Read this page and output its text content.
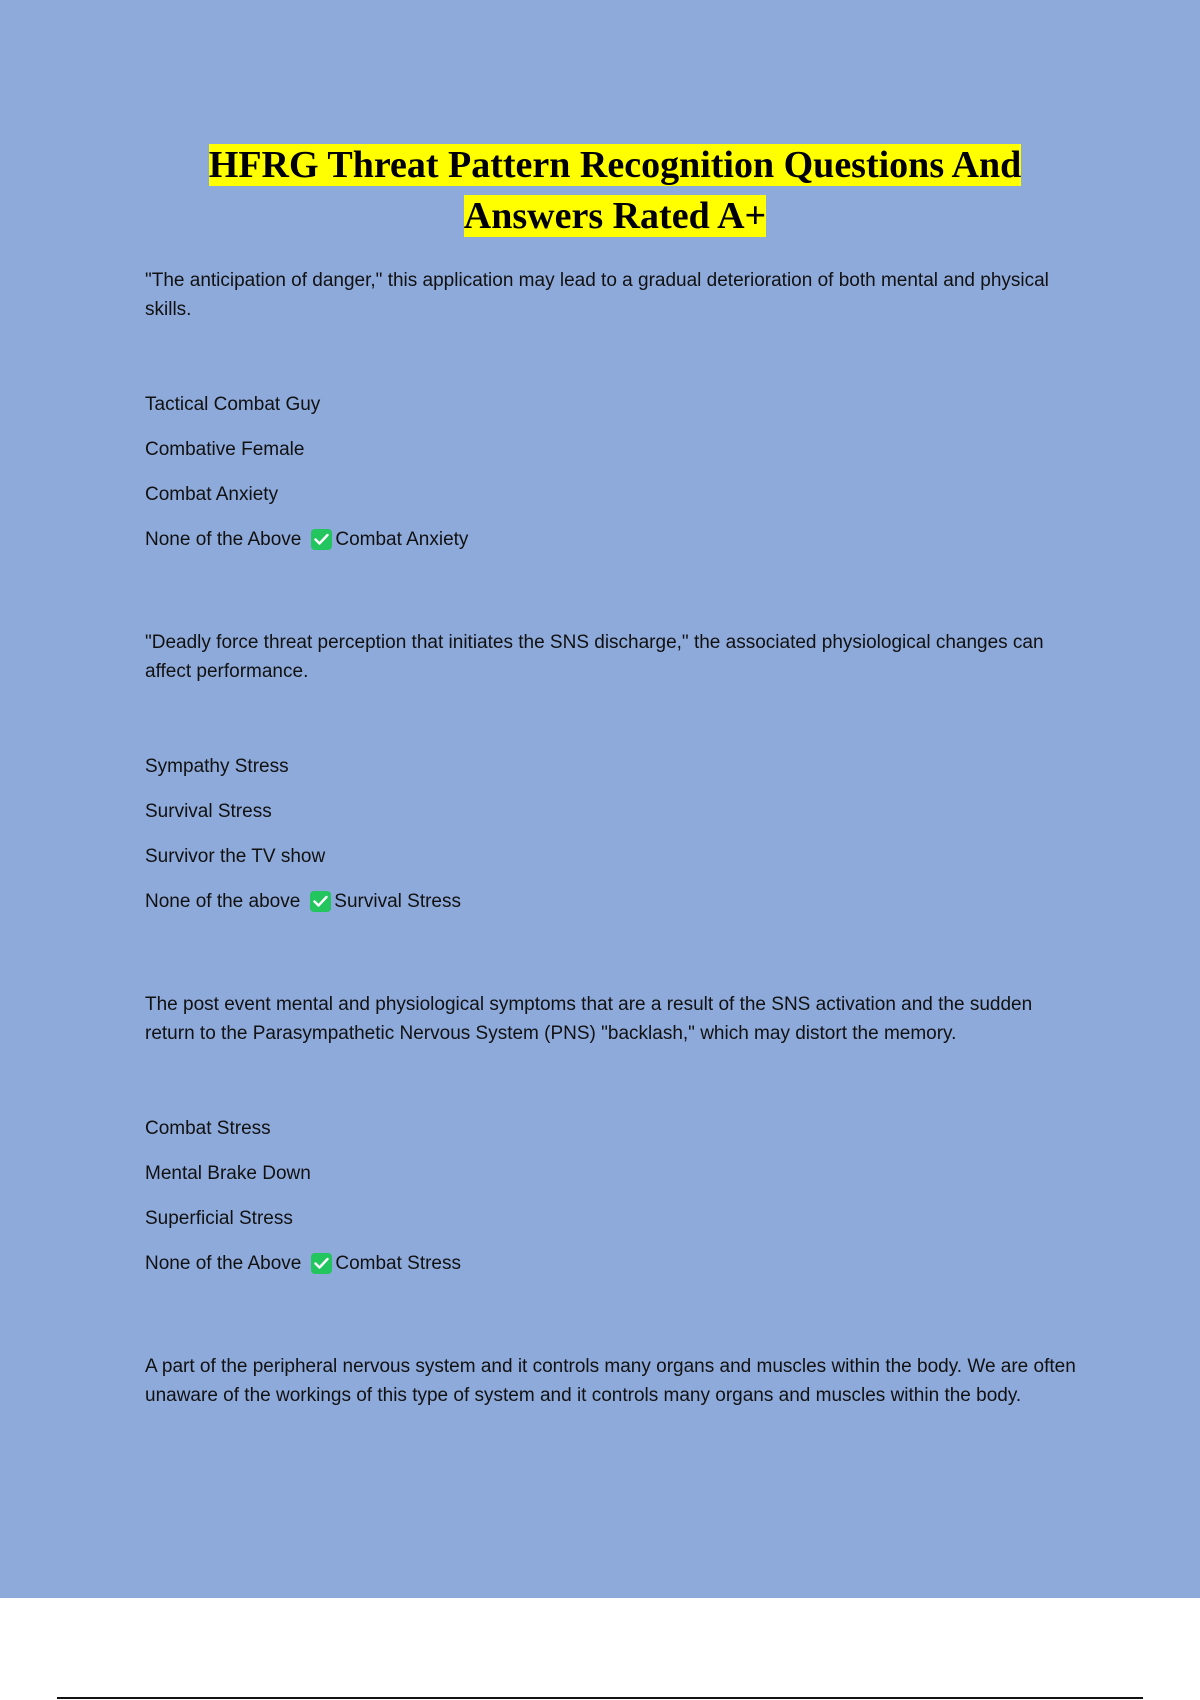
HFRG Threat Pattern Recognition Questions And Answers Rated A+

"The anticipation of danger," this application may lead to a gradual deterioration of both mental and physical skills.

Tactical Combat Guy
Combative Female
Combat Anxiety
None of the Above Combat Anxiety

"Deadly force threat perception that initiates the SNS discharge," the associated physiological changes can affect performance.

Sympathy Stress
Survival Stress
Survivor the TV show
None of the above Survival Stress

The post event mental and physiological symptoms that are a result of the SNS activation and the sudden return to the Parasympathetic Nervous System (PNS) "backlash," which may distort the memory.

Combat Stress
Mental Brake Down
Superficial Stress
None of the Above Combat Stress

A part of the peripheral nervous system and it controls many organs and muscles within the body. We are often unaware of the workings of this type of system and it controls many organs and muscles within the body.
